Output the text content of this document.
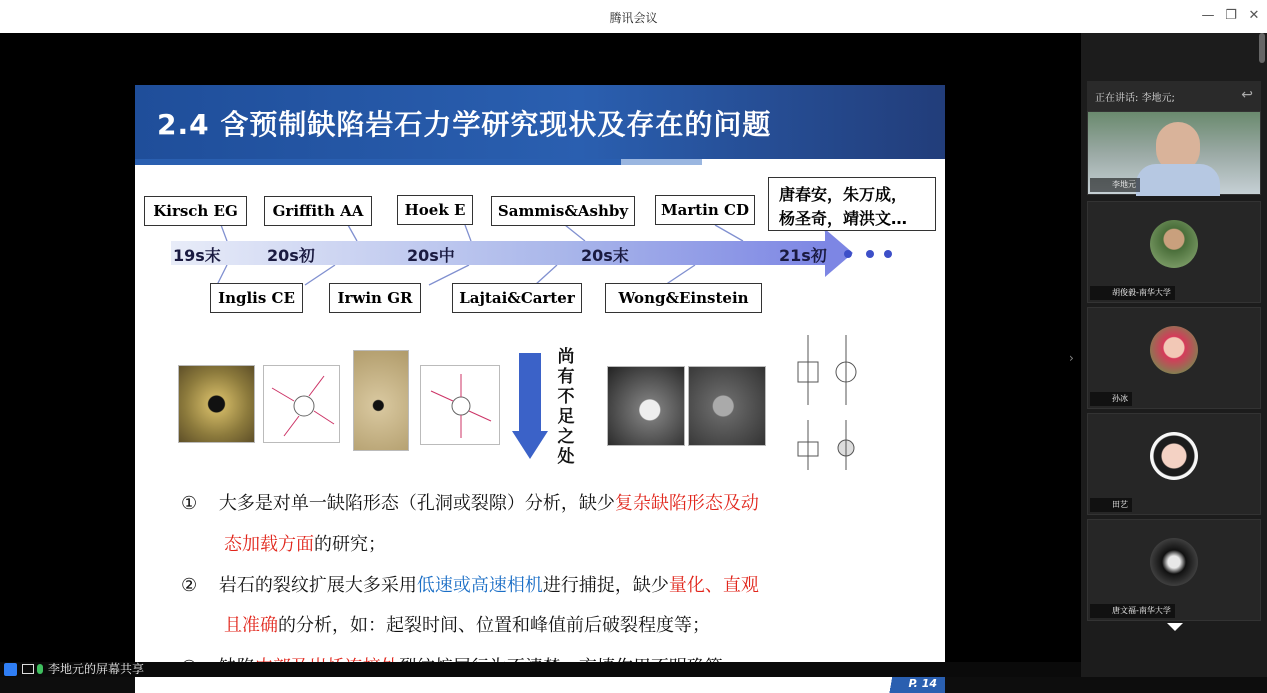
腾讯会议	— ❐ ✕
2.4 含预制缺陷岩石力学研究现状及存在的问题
Kirsch EG	Griffith AA	Hoek E	Sammis&Ashby	Martin CD
唐春安，朱万成，
杨圣奇，靖洪文…
19s末	20s初	20s中	20s末	21s初
Inglis CE	Irwin GR	Lajtai&Carter	Wong&Einstein
尚有不足之处
① 大多是对单一缺陷形态（孔洞或裂隙）分析，缺少复杂缺陷形态及动
态加载方面的研究；
② 岩石的裂纹扩展大多采用低速或高速相机进行捕捉，缺少量化、直观
且准确的分析，如：起裂时间、位置和峰值前后破裂程度等；
P. 14
李地元的屏幕共享
›
正在讲话: 李地元;	↩
李地元
胡俊毅-南华大学
孙冰
田艺
唐文福-南华大学
